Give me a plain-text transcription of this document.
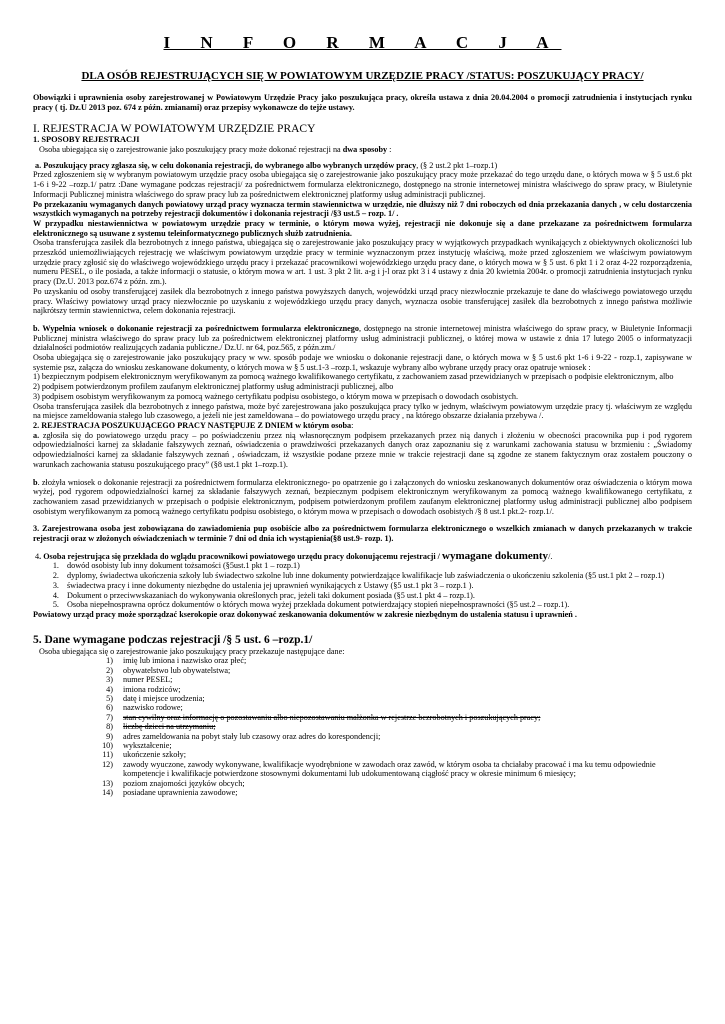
I N F O R M A C J A
DLA OSÓB REJESTRUJĄCYCH SIĘ W POWIATOWYM URZĘDZIE PRACY /STATUS: POSZUKUJĄCY PRACY/

Obowiązki i uprawnienia osoby zarejestrowanej w Powiatowym Urzędzie Pracy jako poszukująca pracy, określa ustawa z dnia 20.04.2004 o promocji zatrudnienia i instytucjach rynku pracy ( tj. Dz.U 2013 poz. 674 z późn. zmianami) oraz przepisy wykonawcze do tejże ustawy.

I. REJESTRACJA W POWIATOWYM URZĘDZIE PRACY
1. SPOSOBY REJESTRACJI

Osoba ubiegająca się o zarejestrowanie jako poszukujący pracy może dokonać rejestracji na dwa sposoby :

a. Poszukujący pracy zgłasza się, w celu dokonania rejestracji, do wybranego albo wybranych urzędów pracy, (§ 2 ust.2 pkt 1–rozp.1)

Przed zgłoszeniem się w wybranym powiatowym urzędzie pracy osoba ubiegająca się o zarejestrowanie jako poszukujący pracy może przekazać do tego urzędu dane, o których mowa w § 5 ust.6 pkt 1-6 i 9-22 –rozp.1/ patrz :Dane wymagane podczas rejestracji/ za pośrednictwem formularza elektronicznego, dostępnego na stronie internetowej ministra właściwego do spraw pracy, w Biuletynie Informacji Publicznej ministra właściwego do spraw pracy lub za pośrednictwem elektronicznej platformy usług administracji publicznej.

Po przekazaniu wymaganych danych powiatowy urząd pracy wyznacza termin stawiennictwa w urzędzie, nie dłuższy niż 7 dni roboczych od dnia przekazania danych , w celu dostarczenia wszystkich wymaganych na potrzeby rejestracji dokumentów i dokonania rejestracji /§3 ust.5 – rozp. 1/ .

W przypadku niestawiennictwa w powiatowym urzędzie pracy w terminie, o którym mowa wyżej, rejestracji nie dokonuje się a dane przekazane za pośrednictwem formularza elektronicznego są usuwane z systemu teleinformatycznego publicznych służb zatrudnienia.

Osoba transferująca zasiłek dla bezrobotnych z innego państwa, ubiegająca się o zarejestrowanie jako poszukujący pracy w wyjątkowych przypadkach wynikających z obiektywnych okoliczności lub przeszkód uniemożliwiających rejestrację we właściwym powiatowym urzędzie pracy w terminie wyznaczonym przez instytucję właściwą, może przed zgłoszeniem we właściwym powiatowym urzędzie pracy zgłosić się do właściwego wojewódzkiego urzędu pracy i przekazać pracownikowi wojewódzkiego urzędu pracy dane, o których mowa w § 5 ust. 6 pkt 1 i 2 oraz 4-22 rozporządzenia, numeru PESEL, o ile posiada, a także informacji o statusie, o którym mowa w art. 1 ust. 3 pkt 2 lit. a-g i j-l oraz pkt 3 i 4 ustawy z dnia 20 kwietnia 2004r. o promocji zatrudnienia instytucjach rynku pracy (Dz.U. 2013 poz.674 z późn. zm.).

Po uzyskaniu od osoby transferującej zasiłek dla bezrobotnych z innego państwa powyższych danych, wojewódzki urząd pracy niezwłocznie przekazuje te dane do właściwego powiatowego urzędu pracy. Właściwy powiatowy urząd pracy niezwłocznie po uzyskaniu z wojewódzkiego urzędu pracy danych, wyznacza osobie transferującej zasiłek dla bezrobotnych z innego państwa możliwie najkrótszy termin stawiennictwa, celem dokonania rejestracji.

b. Wypełnia wniosek o dokonanie rejestracji za pośrednictwem formularza elektronicznego, dostępnego na stronie internetowej ministra właściwego do spraw pracy, w Biuletynie Informacji Publicznej ministra właściwego do spraw pracy lub za pośrednictwem elektronicznej platformy usług administracji publicznej, o której mowa w ustawie z dnia 17 lutego 2005 o informatyzacji działalności podmiotów realizujących zadania publiczne./ Dz.U. nr 64, poz.565, z późn.zm./

Osoba ubiegająca się o zarejestrowanie jako poszukujący pracy w ww. sposób podaje we wniosku o dokonanie rejestracji dane, o których mowa w § 5 ust.6 pkt 1-6 i 9-22 - rozp.1, zapisywane w systemie psz, załącza do wniosku zeskanowane dokumenty, o których mowa w § 5 ust.1-3 –rozp.1, wskazuje wybrany albo wybrane urzędy pracy oraz opatruje wniosek :

1) bezpiecznym podpisem elektronicznym weryfikowanym za pomocą ważnego kwalifikowanego certyfikatu, z zachowaniem zasad przewidzianych w przepisach o podpisie elektronicznym, albo

2) podpisem potwierdzonym profilem zaufanym elektronicznej platformy usług administracji publicznej, albo

3) podpisem osobistym weryfikowanym za pomocą ważnego certyfikatu podpisu osobistego, o którym mowa w przepisach o dowodach osobistych.

Osoba transferująca zasiłek dla bezrobotnych z innego państwa, może być zarejestrowana jako poszukująca pracy tylko w jednym, właściwym powiatowym urzędzie pracy tj. właściwym ze względu na miejsce zameldowania stałego lub czasowego, a jeżeli nie jest zameldowana – do powiatowego urzędu pracy , na którego obszarze działania przebywa /.

2. REJESTRACJA POSZUKUJĄCEGO PRACY NASTĘPUJE Z DNIEM w którym osoba:

a. zgłosiła się do powiatowego urzędu pracy – po poświadczeniu przez nią własnoręcznym podpisem przekazanych przez nią danych i złożeniu w obecności pracownika pup i pod rygorem odpowiedzialności karnej za składanie fałszywych zeznań, oświadczenia o prawdziwości przekazanych danych oraz zapoznaniu się z warunkami zachowania statusu w brzmieniu : „Świadomy odpowiedzialności karnej za składanie fałszywych zeznań , oświadczam, iż wszystkie podane przeze mnie w trakcie rejestracji dane są zgodne ze stanem faktycznym oraz zostałem pouczony o warunkach zachowania statusu poszukującego pracy” (§8 ust.1 pkt 1–rozp.1).

b. złożyła wniosek o dokonanie rejestracji za pośrednictwem formularza elektronicznego- po opatrzenie go i załączonych do wniosku zeskanowanych dokumentów oraz oświadczenia o którym mowa wyżej, pod rygorem odpowiedzialności karnej za składanie fałszywych zeznań, bezpiecznym podpisem elektronicznym weryfikowanym za pomocą ważnego kwalifikowanego certyfikatu, z zachowaniem zasad przewidzianych w przepisach o podpisie elektronicznym, podpisem potwierdzonym profilem zaufanym elektronicznej platformy usług administracji publicznej albo podpisem osobistym weryfikowanym za pomocą ważnego certyfikatu podpisu osobistego, o którym mowa w przepisach o dowodach osobistych /§ 8 ust.1 pkt.2- rozp.1/.

3. Zarejestrowana osoba jest zobowiązana do zawiadomienia pup osobiście albo za pośrednictwem formularza elektronicznego o wszelkich zmianach w danych przekazanych w trakcie rejestracji oraz w złożonych oświadczeniach w terminie 7 dni od dnia ich wystąpienia(§8 ust.9- rozp. 1).

4. Osoba rejestrująca się przekłada do wglądu pracownikowi powiatowego urzędu pracy dokonującemu rejestracji / wymagane dokumenty/.

1. dowód osobisty lub inny dokument tożsamości (§5ust.1 pkt 1 – rozp.1)
2. dyplomy, świadectwa ukończenia szkoły lub świadectwo szkolne lub inne dokumenty potwierdzające kwalifikacje lub zaświadczenia o ukończeniu szkolenia (§5 ust.1 pkt 2 – rozp.1)
3. świadectwa pracy i inne dokumenty niezbędne do ustalenia jej uprawnień wynikających z Ustawy (§5 ust.1 pkt 3 – rozp.1 ).
4. Dokument o przeciwwskazaniach do wykonywania określonych prac, jeżeli taki dokument posiada (§5 ust.1 pkt 4 – rozp.1).
5. Osoba niepełnosprawna oprócz dokumentów o których mowa wyżej przekłada dokument potwierdzający stopień niepełnosprawności (§5 ust.2 – rozp.1).

Powiatowy urząd pracy może sporządzać kserokopie oraz dokonywać zeskanowania dokumentów w zakresie niezbędnym do ustalenia statusu i uprawnień .

5. Dane wymagane podczas rejestracji /§ 5 ust. 6 –rozp.1/

Osoba ubiegająca się o zarejestrowanie jako poszukujący pracy przekazuje następujące dane:

1) imię lub imiona i nazwisko oraz płeć;
2) obywatelstwo lub obywatelstwa;
3) numer PESEL;
4) imiona rodziców;
5) datę i miejsce urodzenia;
6) nazwisko rodowe;
7) stan cywilny oraz informację o pozostawaniu albo niepozostawaniu małżonka w rejestrze bezrobotnych i poszukujących pracy;
8) liczbę dzieci na utrzymaniu;
9) adres zameldowania na pobyt stały lub czasowy oraz adres do korespondencji;
10) wykształcenie;
11) ukończenie szkoły;
12) zawody wyuczone, zawody wykonywane, kwalifikacje wyodrębnione w zawodach oraz zawód, w którym osoba ta chciałaby pracować i ma ku temu odpowiednie kompetencje i kwalifikacje potwierdzone stosownymi dokumentami lub udokumentowaną ciągłość pracy w okresie minimum 6 miesięcy;
13) poziom znajomości języków obcych;
14) posiadane uprawnienia zawodowe;
